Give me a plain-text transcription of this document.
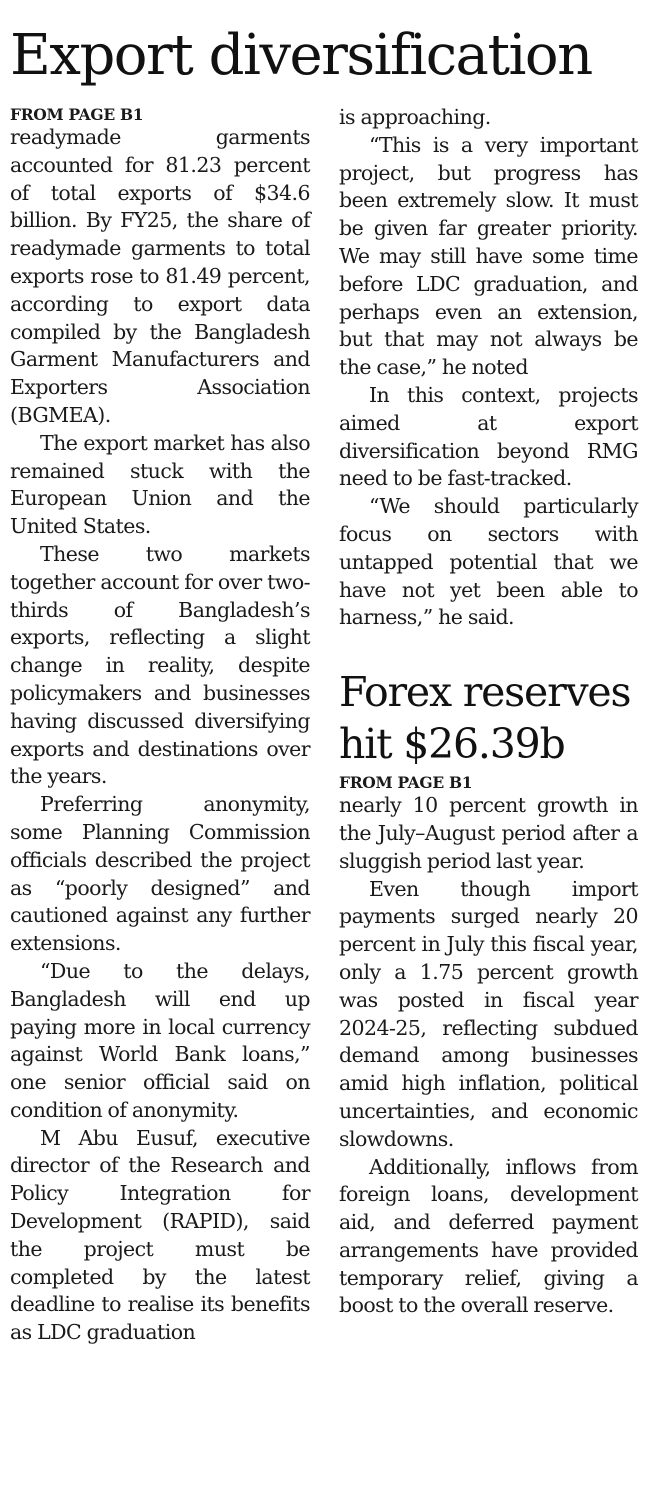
Export diversification
FROM PAGE B1

readymade garments accounted for 81.23 percent of total exports of $34.6 billion. By FY25, the share of readymade garments to total exports rose to 81.49 percent, according to export data compiled by the Bangladesh Garment Manufacturers and Exporters Association (BGMEA).

The export market has also remained stuck with the European Union and the United States.

These two markets together account for over two-thirds of Bangladesh’s exports, reflecting a slight change in reality, despite policymakers and businesses having discussed diversifying exports and destinations over the years.

Preferring anonymity, some Planning Commission officials described the project as “poorly designed” and cautioned against any further extensions.

“Due to the delays, Bangladesh will end up paying more in local currency against World Bank loans,” one senior official said on condition of anonymity.

M Abu Eusuf, executive director of the Research and Policy Integration for Development (RAPID), said the project must be completed by the latest deadline to realise its benefits as LDC graduation

is approaching.

“This is a very important project, but progress has been extremely slow. It must be given far greater priority. We may still have some time before LDC graduation, and perhaps even an extension, but that may not always be the case,” he noted

In this context, projects aimed at export diversification beyond RMG need to be fast-tracked.

“We should particularly focus on sectors with untapped potential that we have not yet been able to harness,” he said.

Forex reserves hit $26.39b
FROM PAGE B1

nearly 10 percent growth in the July–August period after a sluggish period last year.

Even though import payments surged nearly 20 percent in July this fiscal year, only a 1.75 percent growth was posted in fiscal year 2024-25, reflecting subdued demand among businesses amid high inflation, political uncertainties, and economic slowdowns.

Additionally, inflows from foreign loans, development aid, and deferred payment arrangements have provided temporary relief, giving a boost to the overall reserve.
